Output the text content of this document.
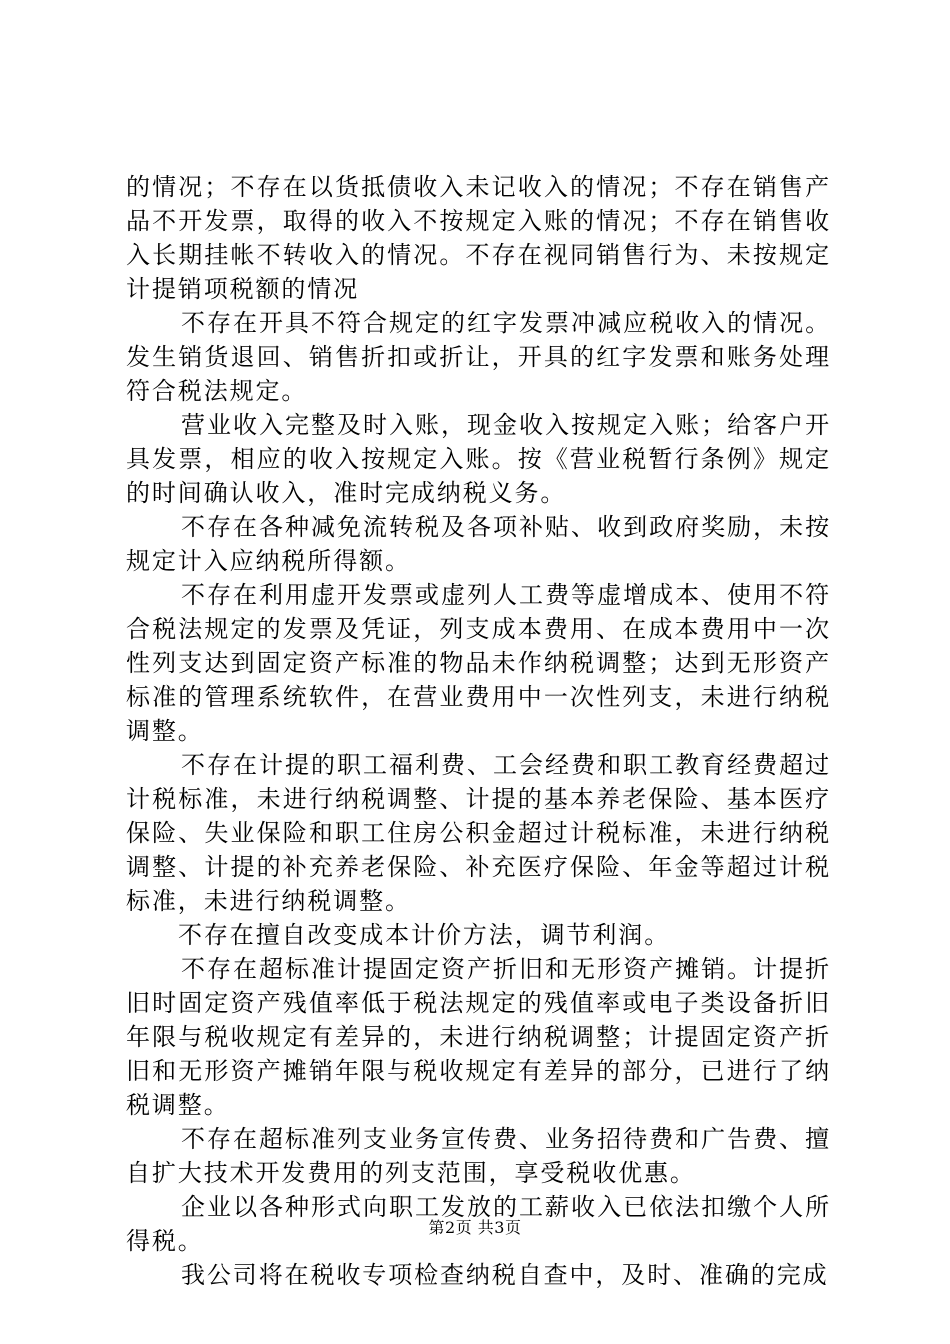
的情况；不存在以货抵债收入未记收入的情况；不存在销售产品不开发票，取得的收入不按规定入账的情况；不存在销售收入长期挂帐不转收入的情况。不存在视同销售行为、未按规定计提销项税额的情况

不存在开具不符合规定的红字发票冲减应税收入的情况。发生销货退回、销售折扣或折让，开具的红字发票和账务处理符合税法规定。

营业收入完整及时入账，现金收入按规定入账；给客户开具发票，相应的收入按规定入账。按《营业税暂行条例》规定的时间确认收入，准时完成纳税义务。

不存在各种减免流转税及各项补贴、收到政府奖励，未按规定计入应纳税所得额。

不存在利用虚开发票或虚列人工费等虚增成本、使用不符合税法规定的发票及凭证，列支成本费用、在成本费用中一次性列支达到固定资产标准的物品未作纳税调整；达到无形资产标准的管理系统软件，在营业费用中一次性列支，未进行纳税调整。

不存在计提的职工福利费、工会经费和职工教育经费超过计税标准，未进行纳税调整、计提的基本养老保险、基本医疗保险、失业保险和职工住房公积金超过计税标准，未进行纳税调整、计提的补充养老保险、补充医疗保险、年金等超过计税标准，未进行纳税调整。

不存在擅自改变成本计价方法，调节利润。

不存在超标准计提固定资产折旧和无形资产摊销。计提折旧时固定资产残值率低于税法规定的残值率或电子类设备折旧年限与税收规定有差异的，未进行纳税调整；计提固定资产折旧和无形资产摊销年限与税收规定有差异的部分，已进行了纳税调整。

不存在超标准列支业务宣传费、业务招待费和广告费、擅自扩大技术开发费用的列支范围，享受税收优惠。

企业以各种形式向职工发放的工薪收入已依法扣缴个人所得税。

我公司将在税收专项检查纳税自查中，及时、准确的完成

第2页 共3页
